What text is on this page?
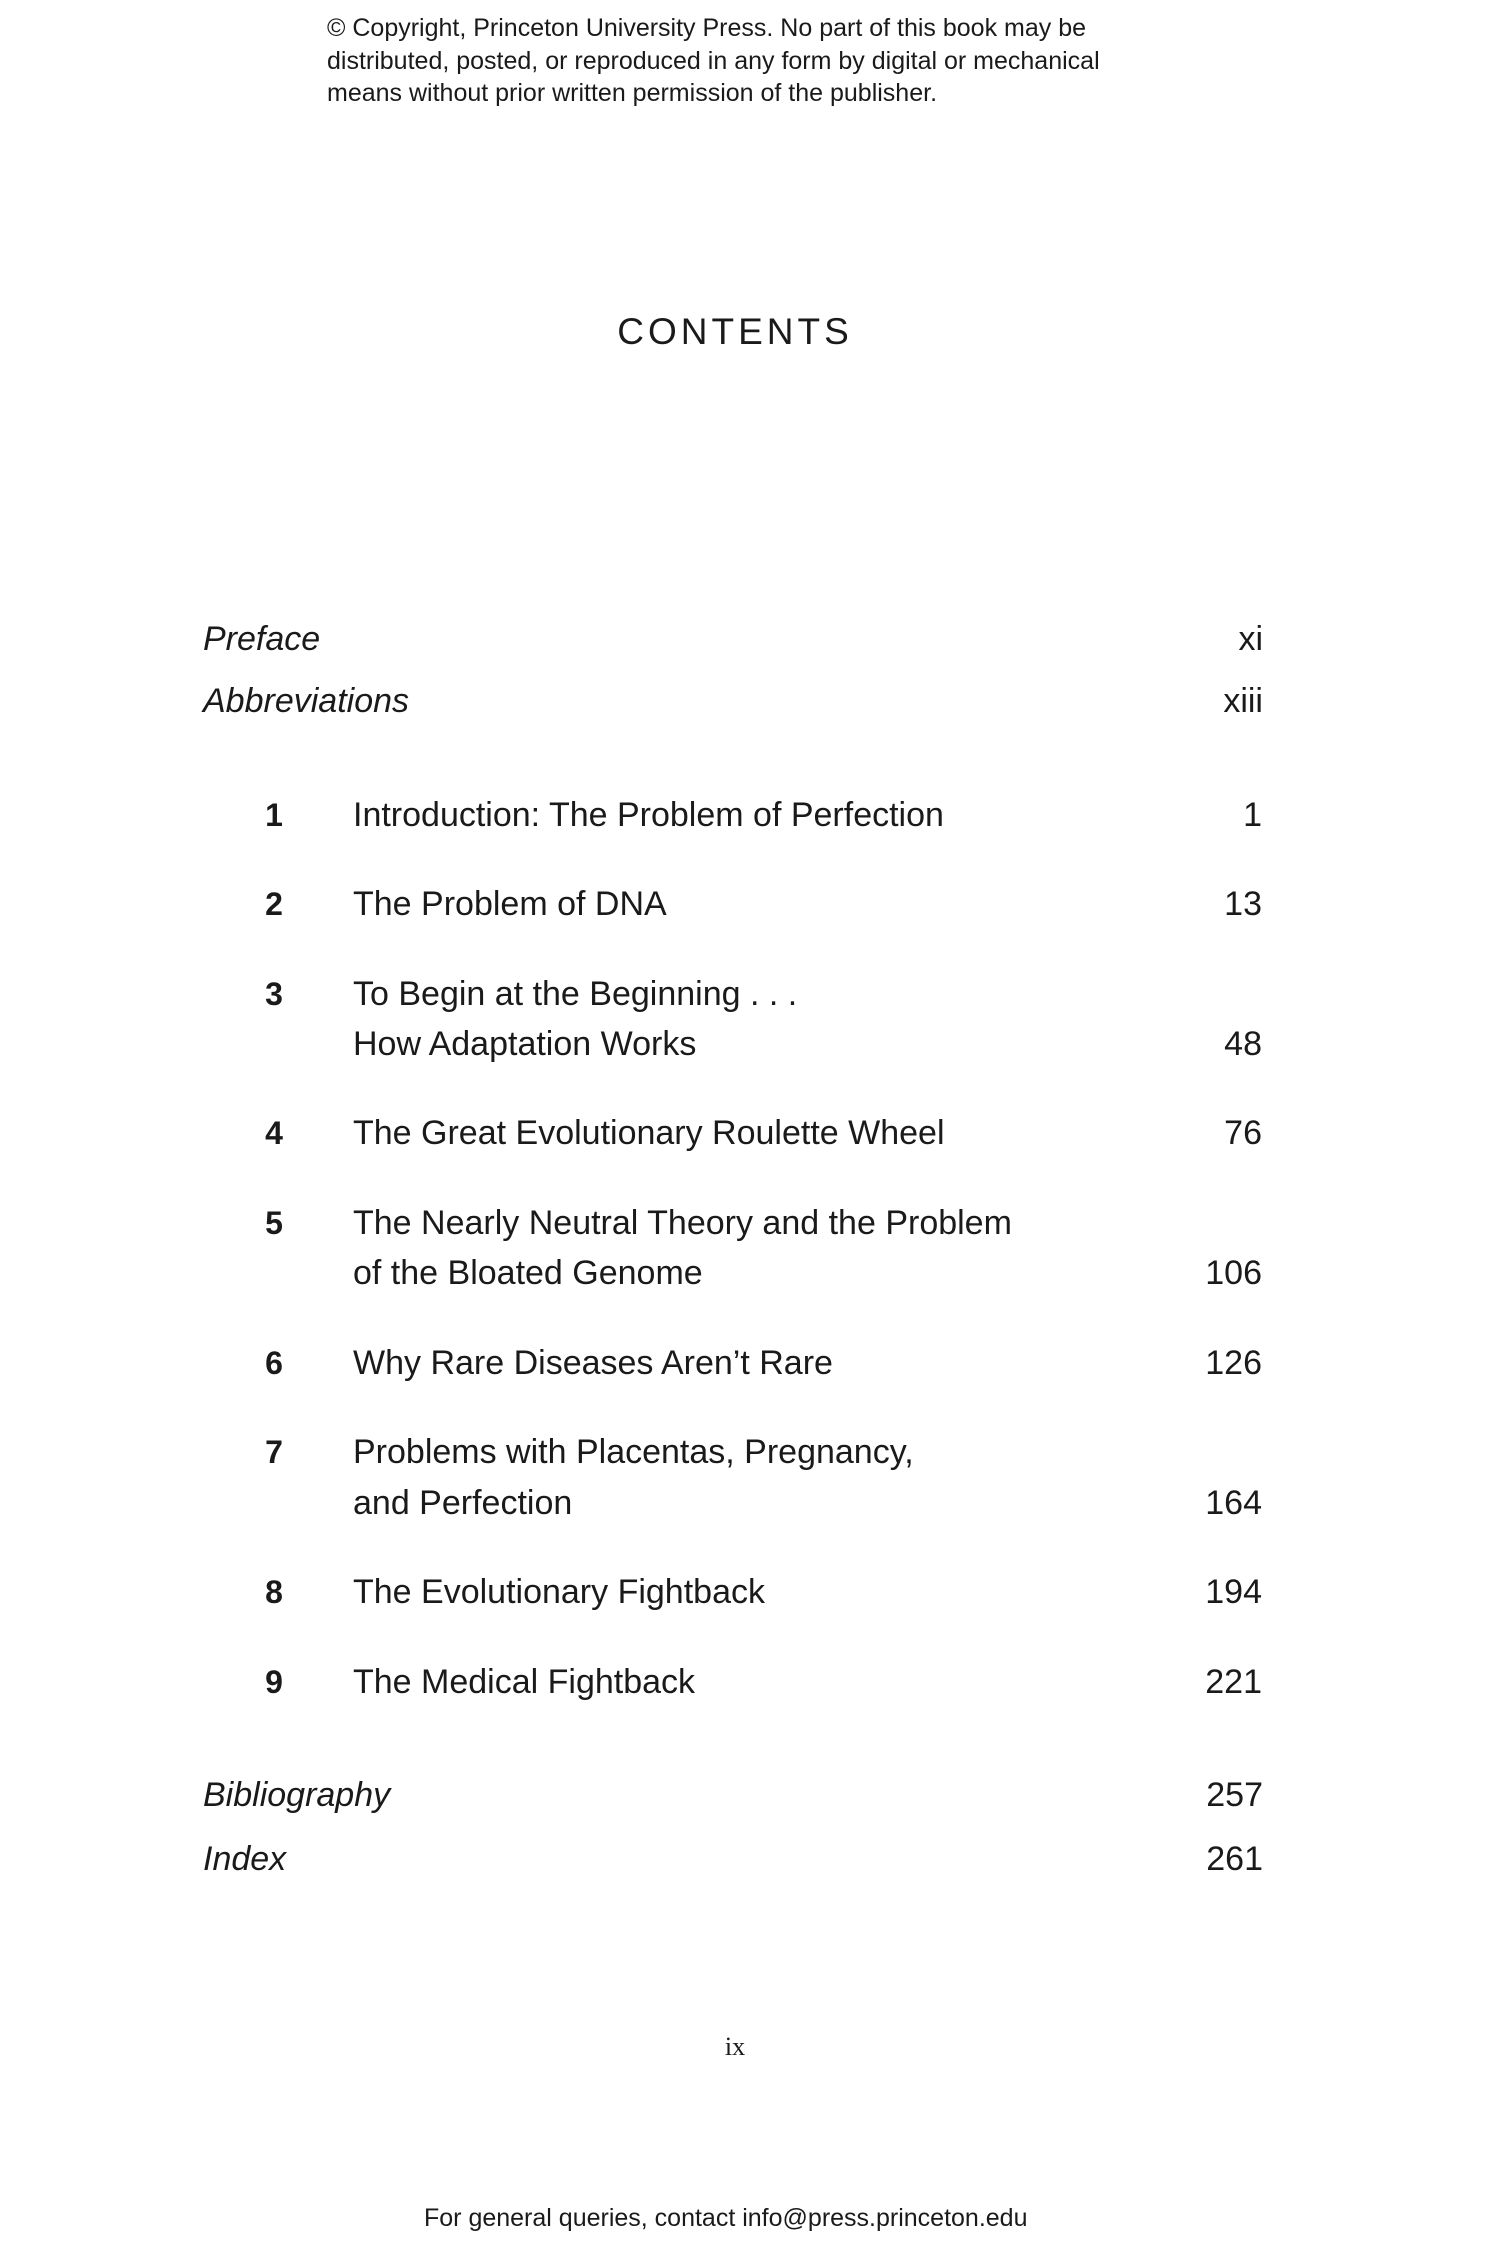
© Copyright, Princeton University Press. No part of this book may be
distributed, posted, or reproduced in any form by digital or mechanical
means without prior written permission of the publisher.
CONTENTS
Preface	xi
Abbreviations	xiii
1	Introduction: The Problem of Perfection	1
2	The Problem of DNA	13
3	To Begin at the Beginning . . .
How Adaptation Works	48
4	The Great Evolutionary Roulette Wheel	76
5	The Nearly Neutral Theory and the Problem
of the Bloated Genome	106
6	Why Rare Diseases Aren’t Rare	126
7	Problems with Placentas, Pregnancy,
and Perfection	164
8	The Evolutionary Fightback	194
9	The Medical Fightback	221
Bibliography	257
Index	261
ix
For general queries, contact info@press.princeton.edu
